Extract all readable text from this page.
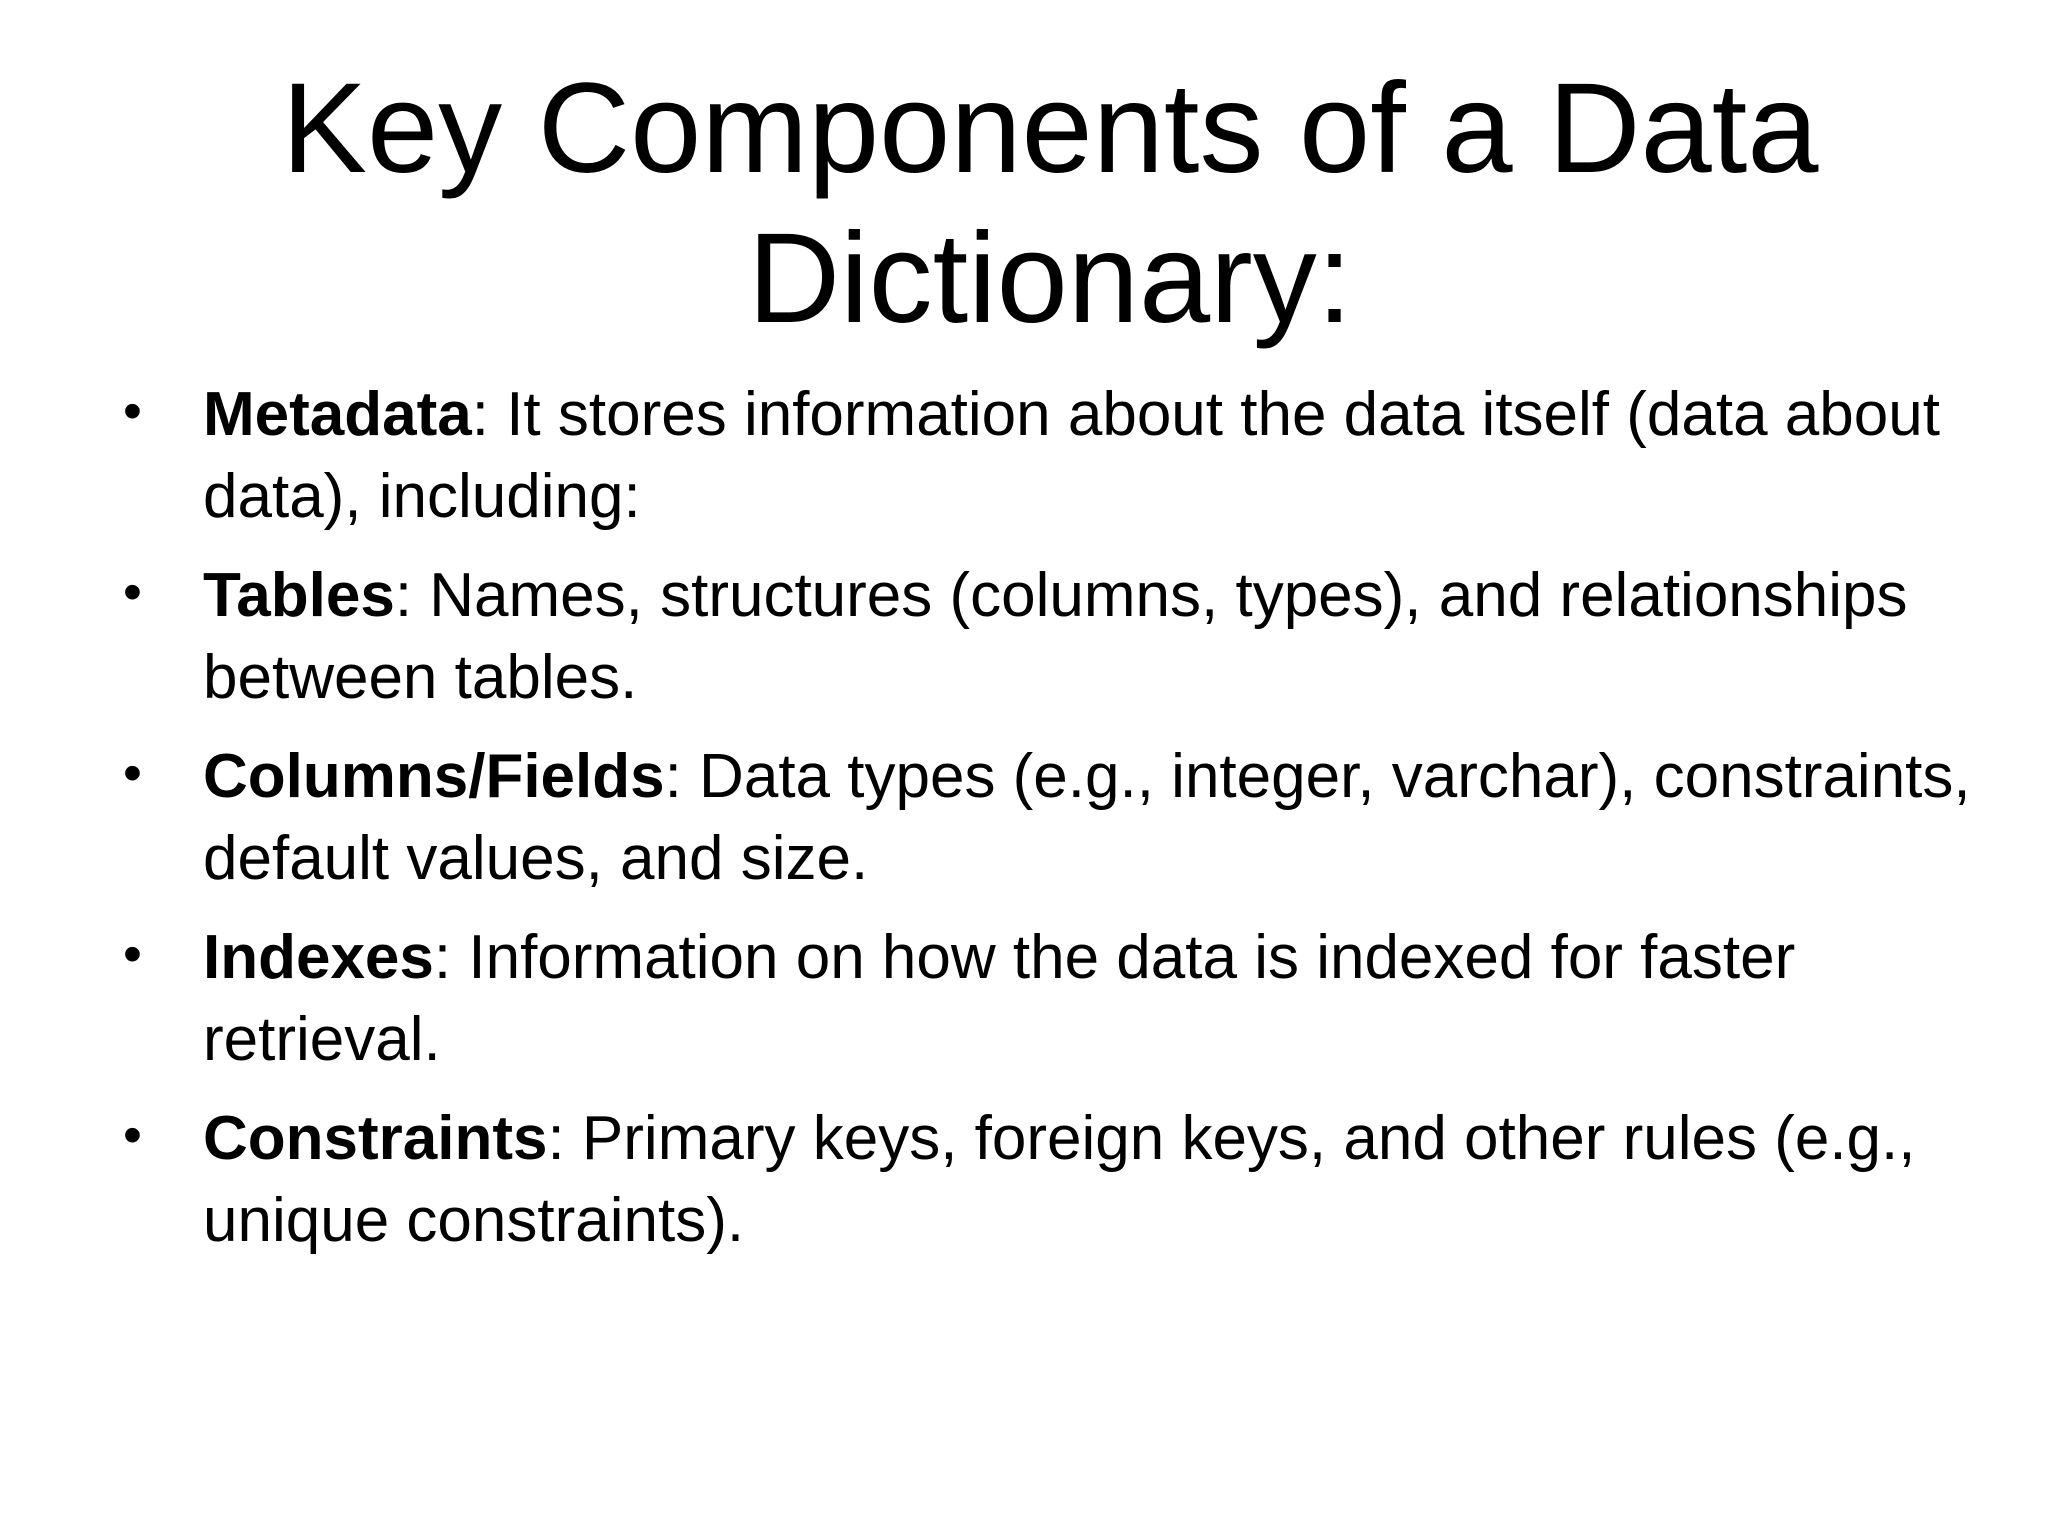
Key Components of a Data Dictionary:
• Metadata: It stores information about the data itself (data about data), including:
• Tables: Names, structures (columns, types), and relationships between tables.
• Columns/Fields: Data types (e.g., integer, varchar), constraints, default values, and size.
• Indexes: Information on how the data is indexed for faster retrieval.
• Constraints: Primary keys, foreign keys, and other rules (e.g., unique constraints).
